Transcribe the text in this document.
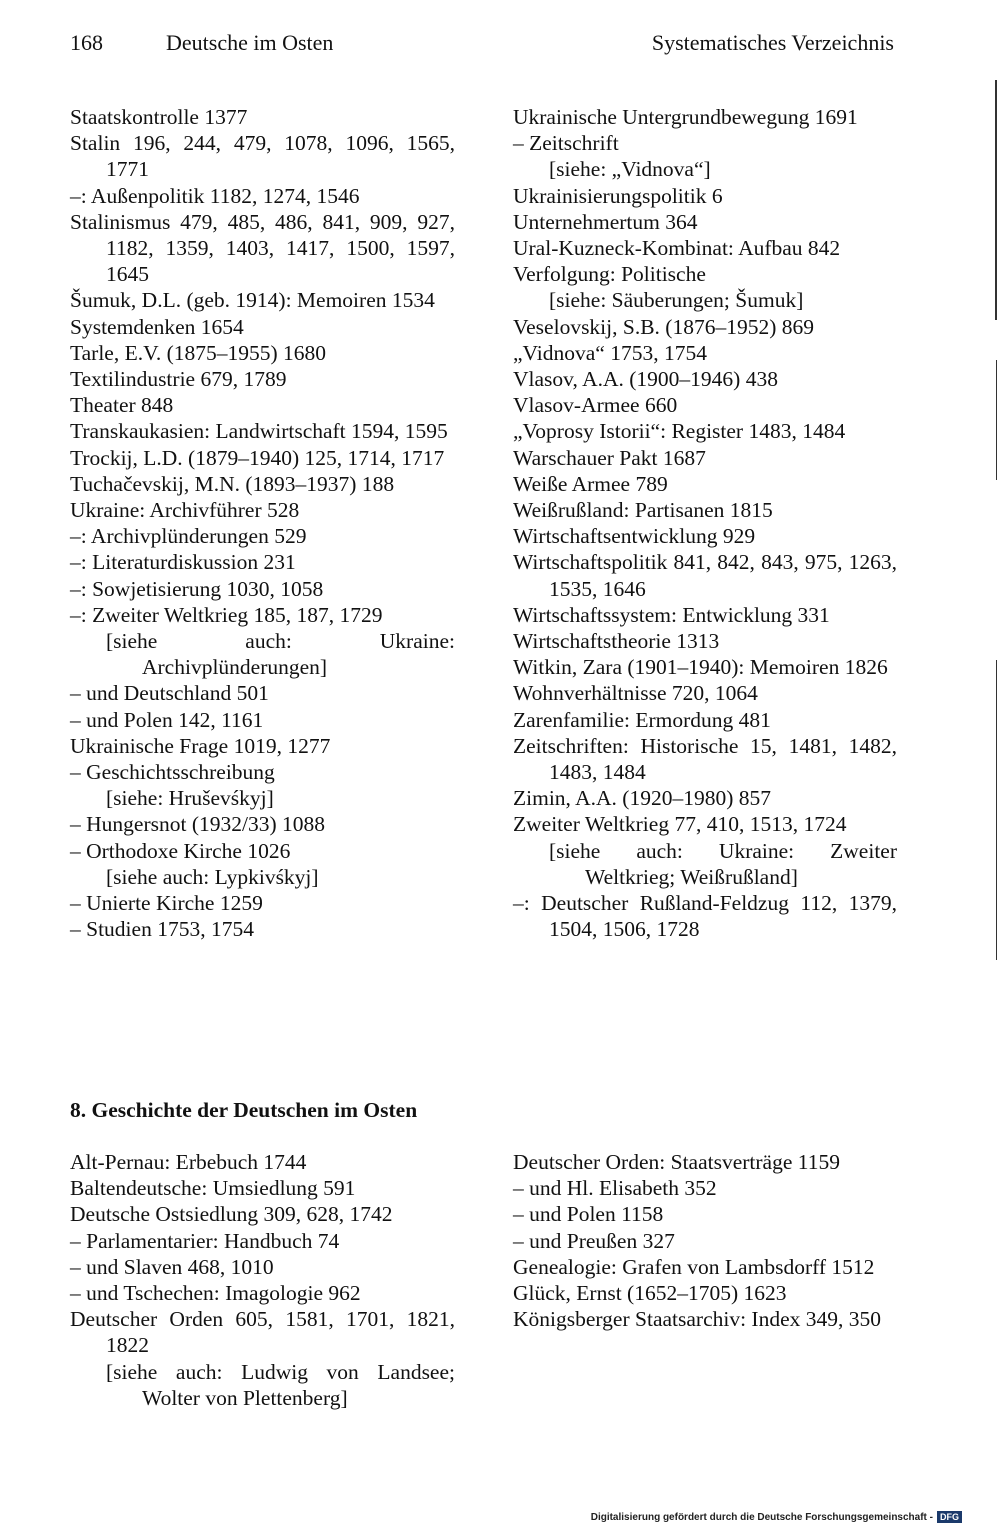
168	Deutsche im Osten	Systematisches Verzeichnis
Staatskontrolle 1377
Stalin 196, 244, 479, 1078, 1096, 1565, 1771
–: Außenpolitik 1182, 1274, 1546
Stalinismus 479, 485, 486, 841, 909, 927, 1182, 1359, 1403, 1417, 1500, 1597, 1645
Šumuk, D.L. (geb. 1914): Memoiren 1534
Systemdenken 1654
Tarle, E.V. (1875–1955) 1680
Textilindustrie 679, 1789
Theater 848
Transkaukasien: Landwirtschaft 1594, 1595
Trockij, L.D. (1879–1940) 125, 1714, 1717
Tuchačevskij, M.N. (1893–1937) 188
Ukraine: Archivführer 528
–: Archivplünderungen 529
–: Literaturdiskussion 231
–: Sowjetisierung 1030, 1058
–: Zweiter Weltkrieg 185, 187, 1729
[siehe auch: Ukraine: Archivplünderungen]
– und Deutschland 501
– und Polen 142, 1161
Ukrainische Frage 1019, 1277
– Geschichtsschreibung
[siehe: Hruševśkyj]
– Hungersnot (1932/33) 1088
– Orthodoxe Kirche 1026
[siehe auch: Lypkivśkyj]
– Unierte Kirche 1259
– Studien 1753, 1754
Ukrainische Untergrundbewegung 1691
– Zeitschrift
[siehe: „Vidnova“]
Ukrainisierungspolitik 6
Unternehmertum 364
Ural-Kuzneck-Kombinat: Aufbau 842
Verfolgung: Politische
[siehe: Säuberungen; Šumuk]
Veselovskij, S.B. (1876–1952) 869
„Vidnova“ 1753, 1754
Vlasov, A.A. (1900–1946) 438
Vlasov-Armee 660
„Voprosy Istorii“: Register 1483, 1484
Warschauer Pakt 1687
Weiße Armee 789
Weißrußland: Partisanen 1815
Wirtschaftsentwicklung 929
Wirtschaftspolitik 841, 842, 843, 975, 1263, 1535, 1646
Wirtschaftssystem: Entwicklung 331
Wirtschaftstheorie 1313
Witkin, Zara (1901–1940): Memoiren 1826
Wohnverhältnisse 720, 1064
Zarenfamilie: Ermordung 481
Zeitschriften: Historische 15, 1481, 1482, 1483, 1484
Zimin, A.A. (1920–1980) 857
Zweiter Weltkrieg 77, 410, 1513, 1724
[siehe auch: Ukraine: Zweiter Weltkrieg; Weißrußland]
–: Deutscher Rußland-Feldzug 112, 1379, 1504, 1506, 1728
8. Geschichte der Deutschen im Osten
Alt-Pernau: Erbebuch 1744
Baltendeutsche: Umsiedlung 591
Deutsche Ostsiedlung 309, 628, 1742
– Parlamentarier: Handbuch 74
– und Slaven 468, 1010
– und Tschechen: Imagologie 962
Deutscher Orden 605, 1581, 1701, 1821, 1822
[siehe auch: Ludwig von Landsee; Wolter von Plettenberg]
Deutscher Orden: Staatsverträge 1159
– und Hl. Elisabeth 352
– und Polen 1158
– und Preußen 327
Genealogie: Grafen von Lambsdorff 1512
Glück, Ernst (1652–1705) 1623
Königsberger Staatsarchiv: Index 349, 350
Digitalisierung gefördert durch die Deutsche Forschungsgemeinschaft - DFG
